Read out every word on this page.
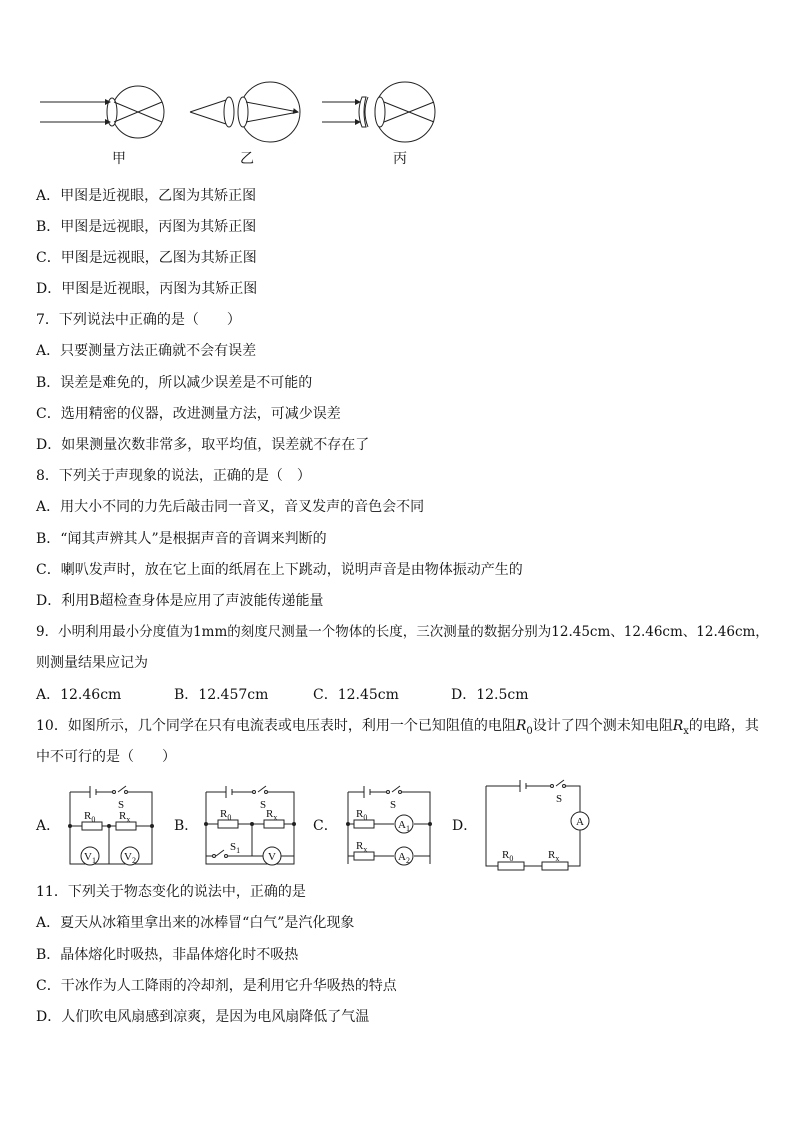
甲	乙	丙
A．甲图是近视眼，乙图为其矫正图
B．甲图是远视眼，丙图为其矫正图
C．甲图是远视眼，乙图为其矫正图
D．甲图是近视眼，丙图为其矫正图
7．下列说法中正确的是（　　）
A．只要测量方法正确就不会有误差
B．误差是难免的，所以减少误差是不可能的
C．选用精密的仪器，改进测量方法，可减少误差
D．如果测量次数非常多，取平均值，误差就不存在了
8．下列关于声现象的说法，正确的是（　）
A．用大小不同的力先后敲击同一音叉，音叉发声的音色会不同
B．“闻其声辨其人”是根据声音的音调来判断的
C．喇叭发声时，放在它上面的纸屑在上下跳动，说明声音是由物体振动产生的
D．利用B超检查身体是应用了声波能传递能量
9．小明利用最小分度值为1mm的刻度尺测量一个物体的长度，三次测量的数据分别为12.45cm、12.46cm、12.46cm，
则测量结果应记为
A．12.46cm	B．12.457cm	C．12.45cm	D．12.5cm
10．如图所示，几个同学在只有电流表或电压表时，利用一个已知阻值的电阻$R_0$设计了四个测未知电阻$R_x$的电路，其
中不可行的是（　　）
A．	B．	C．	D．
S
$R_0$ $R_x$
$V_1$	$V_2$
S
$R_0$	$R_x$
$S_1$
V
S
$R_0$
$A_1$
$R_x$
$A_2$
S
A
$R_0$	$R_x$
11．下列关于物态变化的说法中，正确的是
A．夏天从冰箱里拿出来的冰棒冒“白气”是汽化现象
B．晶体熔化时吸热，非晶体熔化时不吸热
C．干冰作为人工降雨的冷却剂，是利用它升华吸热的特点
D．人们吹电风扇感到凉爽，是因为电风扇降低了气温
